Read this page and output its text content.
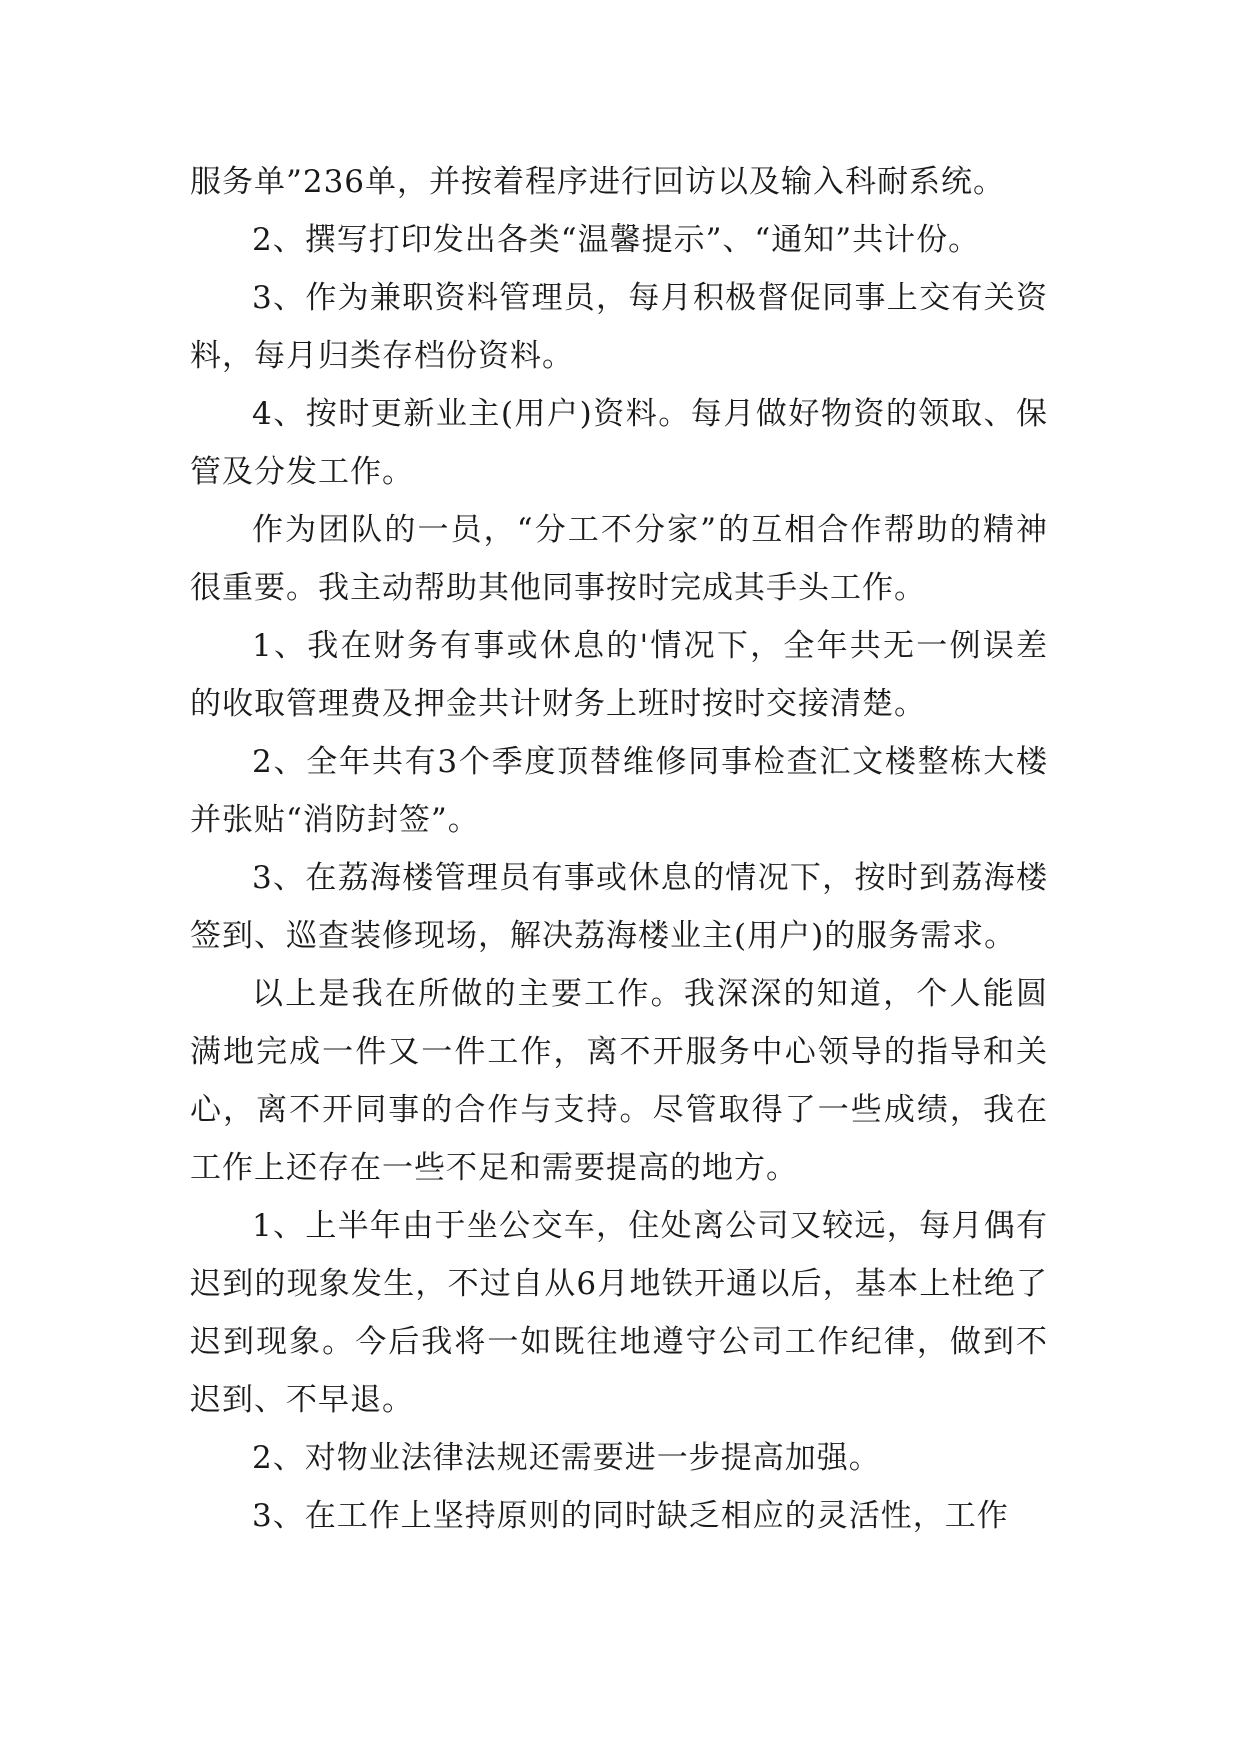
服务单”236单，并按着程序进行回访以及输入科耐系统。

2、撰写打印发出各类“温馨提示”、“通知”共计份。

3、作为兼职资料管理员，每月积极督促同事上交有关资料，每月归类存档份资料。

4、按时更新业主(用户)资料。每月做好物资的领取、保管及分发工作。

作为团队的一员，“分工不分家”的互相合作帮助的精神很重要。我主动帮助其他同事按时完成其手头工作。

1、我在财务有事或休息的'情况下，全年共无一例误差的收取管理费及押金共计财务上班时按时交接清楚。

2、全年共有3个季度顶替维修同事检查汇文楼整栋大楼并张贴“消防封签”。

3、在荔海楼管理员有事或休息的情况下，按时到荔海楼签到、巡查装修现场，解决荔海楼业主(用户)的服务需求。

以上是我在所做的主要工作。我深深的知道，个人能圆满地完成一件又一件工作，离不开服务中心领导的指导和关心，离不开同事的合作与支持。尽管取得了一些成绩，我在工作上还存在一些不足和需要提高的地方。

1、上半年由于坐公交车，住处离公司又较远，每月偶有迟到的现象发生，不过自从6月地铁开通以后，基本上杜绝了迟到现象。今后我将一如既往地遵守公司工作纪律，做到不迟到、不早退。

2、对物业法律法规还需要进一步提高加强。

3、在工作上坚持原则的同时缺乏相应的灵活性，工作
